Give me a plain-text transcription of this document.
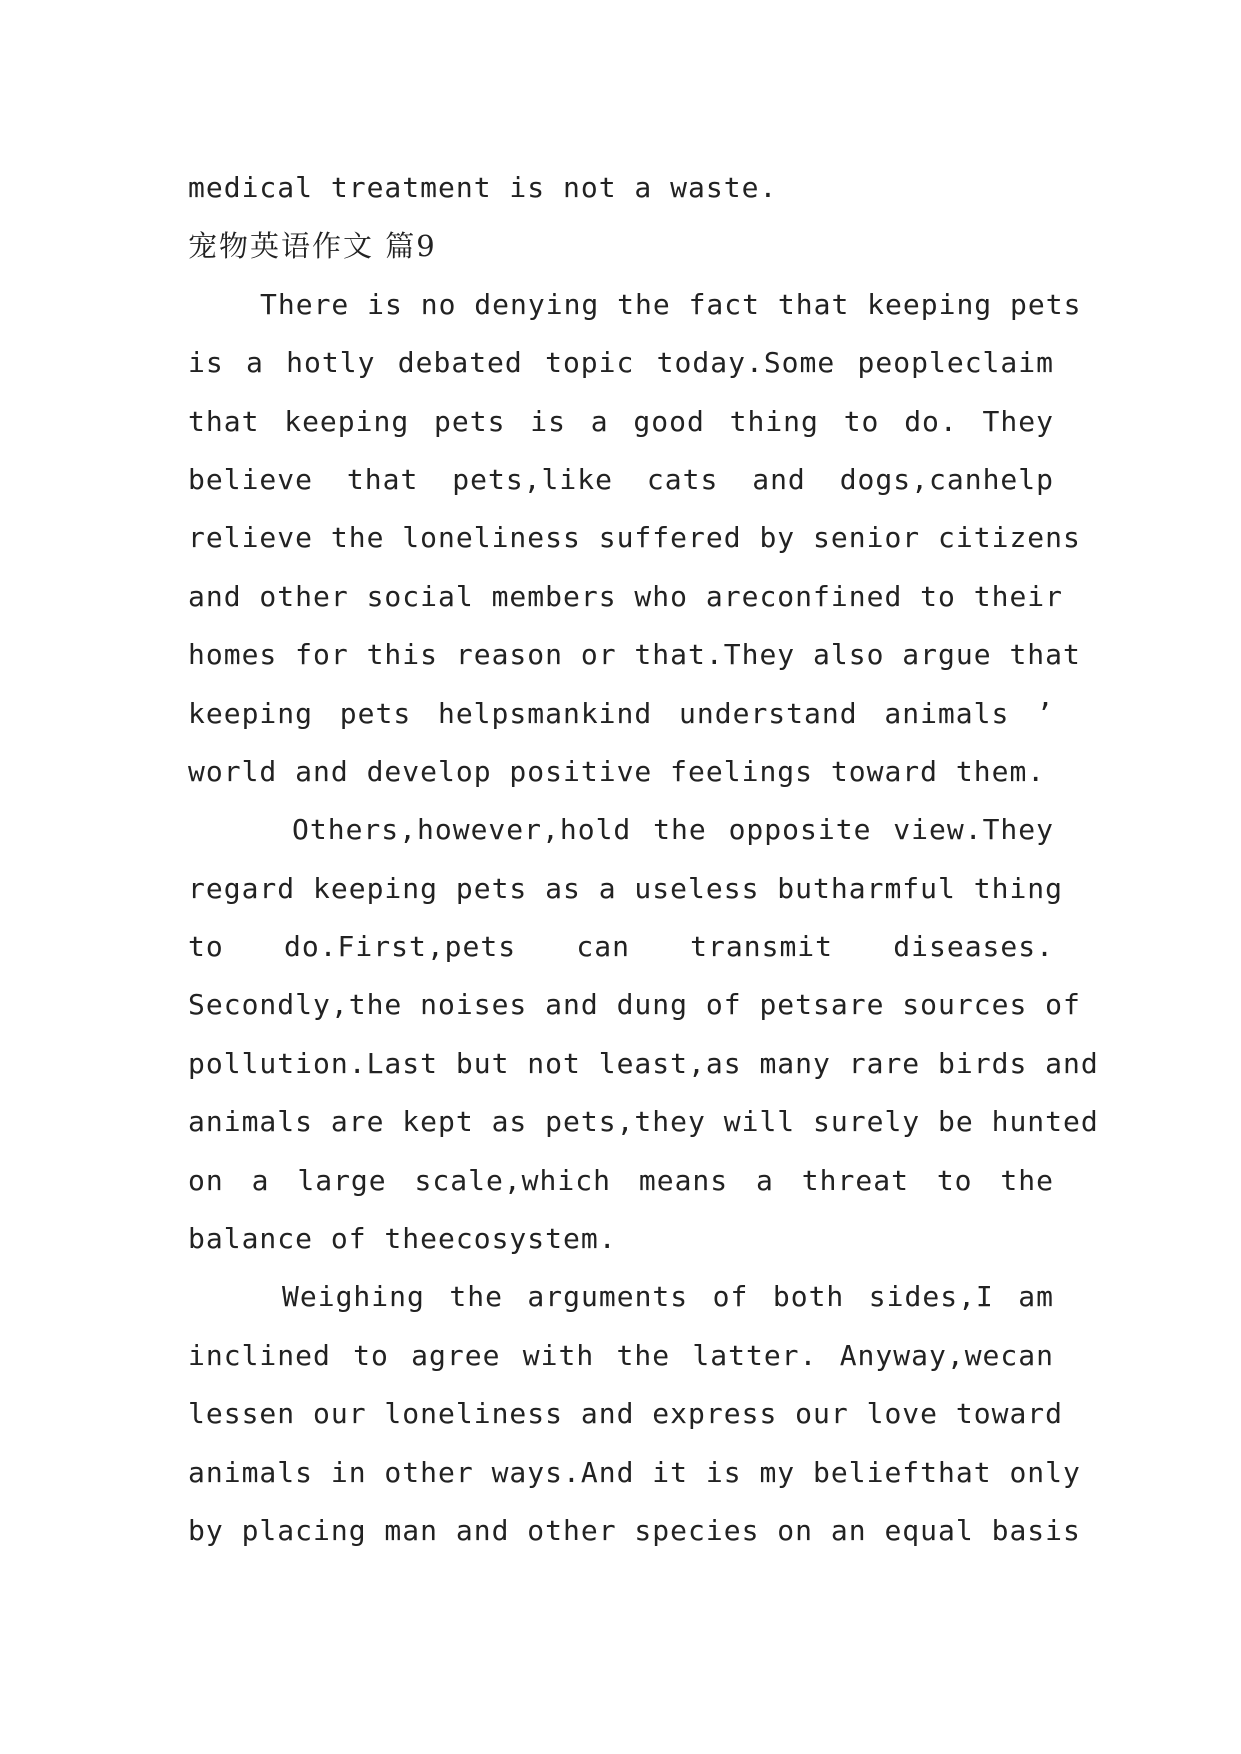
medical treatment is not a waste.
宠物英语作文 篇9
There is no denying the fact that keeping pets
is a hotly debated topic today.Some peopleclaim
that keeping pets is a good thing to do. They
believe that pets,like cats and dogs,canhelp
relieve the loneliness suffered by senior citizens
and other social members who areconfined to their
homes for this reason or that.They also argue that
keeping pets helpsmankind understand animals ’
world and develop positive feelings toward them.
Others,however,hold the opposite view.They
regard keeping pets as a useless butharmful thing
to do.First,pets can transmit diseases.
Secondly,the noises and dung of petsare sources of
pollution.Last but not least,as many rare birds and
animals are kept as pets,they will surely be hunted
on a large scale,which means a threat to the
balance of theecosystem.
Weighing the arguments of both sides,I am
inclined to agree with the latter. Anyway,wecan
lessen our loneliness and express our love toward
animals in other ways.And it is my beliefthat only
by placing man and other species on an equal basis
